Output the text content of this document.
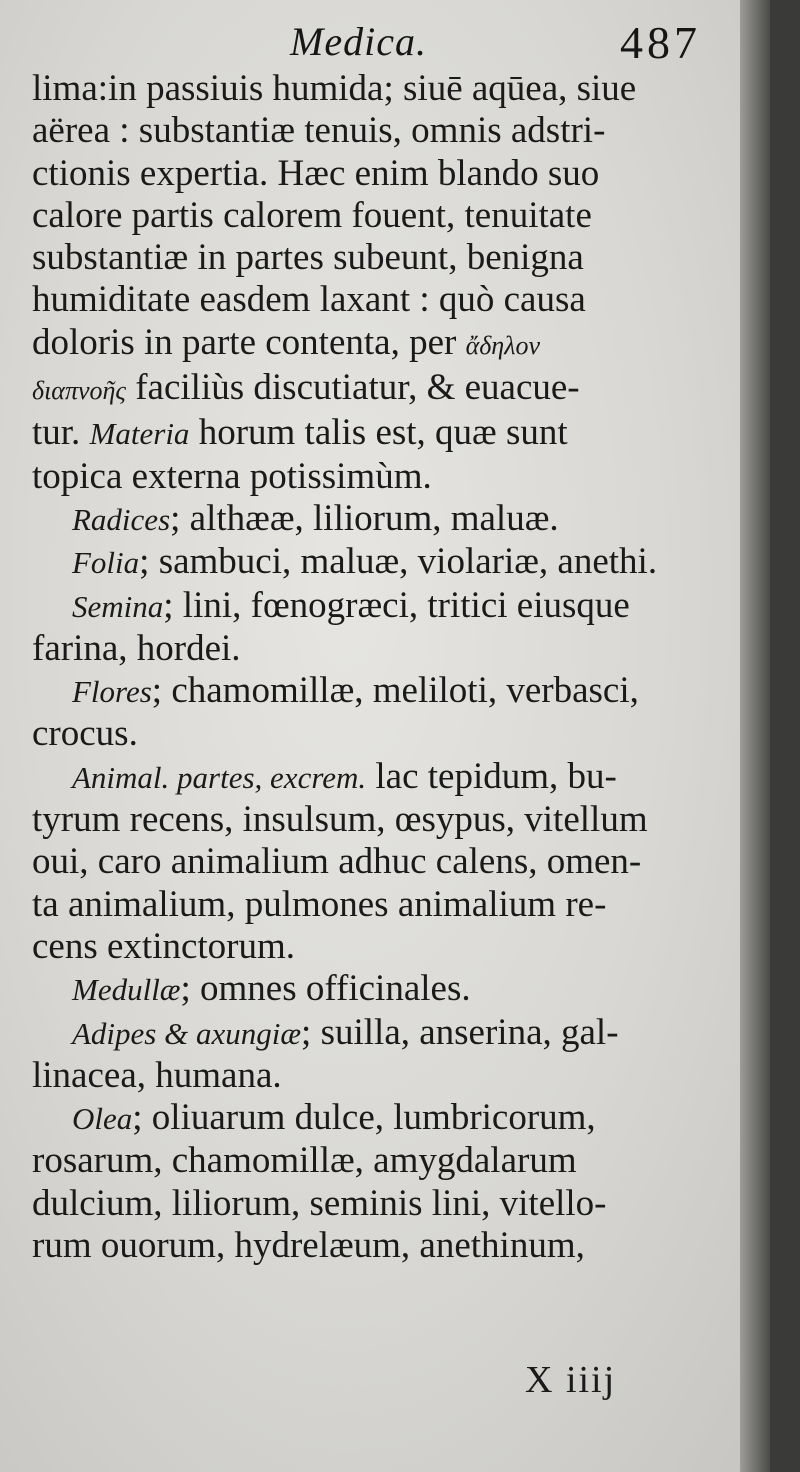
Medica.	487
lima:in passiuis humida; siuē aqūea, siue
aërea : substantiæ tenuis, omnis adstri-
ctionis expertia. Hæc enim blando suo
calore partis calorem fouent, tenuitate
substantiæ in partes subeunt, benigna
humiditate easdem laxant : quò causa
doloris in parte contenta, per ἄδηλον
διαπνοῆς faciliùs discutiatur, & euacue-
tur. Materia horum talis est, quæ sunt
topica externa potissimùm.
Radices; althææ, liliorum, maluæ.
Folia; sambuci, maluæ, violariæ, anethi.
Semina; lini, fœnogræci, tritici eiusque
farina, hordei.
Flores; chamomillæ, meliloti, verbasci,
crocus.
Animal. partes, excrem. lac tepidum, bu-
tyrum recens, insulsum, œsypus, vitellum
oui, caro animalium adhuc calens, omen-
ta animalium, pulmones animalium re-
cens extinctorum.
Medullæ; omnes officinales.
Adipes & axungiæ; suilla, anserina, gal-
linacea, humana.
Olea; oliuarum dulce, lumbricorum,
rosarum, chamomillæ, amygdalarum
dulcium, liliorum, seminis lini, vitello-
rum ouorum, hydrelæum, anethinum,
X iiij
